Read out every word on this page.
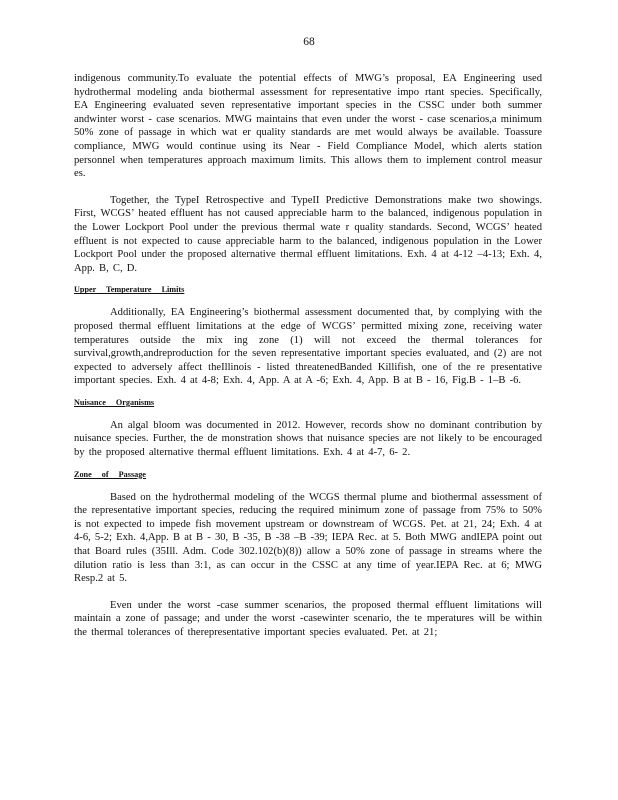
68

indigenous community.To evaluate the potential effects of MWG’s proposal, EA Engineering used hydrothermal modeling anda biothermal assessment for representative impo rtant species. Specifically, EA Engineering evaluated seven representative important species in the CSSC under both summer andwinter worst - case scenarios. MWG maintains that even under the worst - case scenarios,a minimum 50% zone of passage in which wat er quality standards are met would always be available. Toassure compliance, MWG would continue using its Near - Field Compliance Model, which alerts station personnel when temperatures approach maximum limits. This allows them to implement control measur es.

Together, the TypeI Retrospective and TypeII Predictive Demonstrations make two showings. First, WCGS’ heated effluent has not caused appreciable harm to the balanced, indigenous population in the Lower Lockport Pool under the previous thermal wate r quality standards. Second, WCGS’ heated effluent is not expected to cause appreciable harm to the balanced, indigenous population in the Lower Lockport Pool under the proposed alternative thermal effluent limitations. Exh. 4 at 4-12 –4-13; Exh. 4, App. B, C, D.

Upper Temperature Limits

Additionally, EA Engineering’s biothermal assessment documented that, by complying with the proposed thermal effluent limitations at the edge of WCGS’ permitted mixing zone, receiving water temperatures outside the mix ing zone (1) will not exceed the thermal tolerances for survival,growth,andreproduction for the seven representative important species evaluated, and (2) are not expected to adversely affect theIllinois - listed threatenedBanded Killifish, one of the re presentative important species. Exh. 4 at 4-8; Exh. 4, App. A at A -6; Exh. 4, App. B at B - 16, Fig.B - 1–B -6.

Nuisance Organisms

An algal bloom was documented in 2012. However, records show no dominant contribution by nuisance species. Further, the de monstration shows that nuisance species are not likely to be encouraged by the proposed alternative thermal effluent limitations. Exh. 4 at 4-7, 6- 2.

Zone of Passage

Based on the hydrothermal modeling of the WCGS thermal plume and biothermal assessment of the representative important species, reducing the required minimum zone of passage from 75% to 50% is not expected to impede fish movement upstream or downstream of WCGS. Pet. at 21, 24; Exh. 4 at 4-6, 5-2; Exh. 4,App. B at B - 30, B -35, B -38 –B -39; IEPA Rec. at 5. Both MWG andIEPA point out that Board rules (35Ill. Adm. Code 302.102(b)(8)) allow a 50% zone of passage in streams where the dilution ratio is less than 3:1, as can occur in the CSSC at any time of year.IEPA Rec. at 6; MWG Resp.2 at 5.

Even under the worst -case summer scenarios, the proposed thermal effluent limitations will maintain a zone of passage; and under the worst -casewinter scenario, the te mperatures will be within the thermal tolerances of therepresentative important species evaluated. Pet. at 21;
